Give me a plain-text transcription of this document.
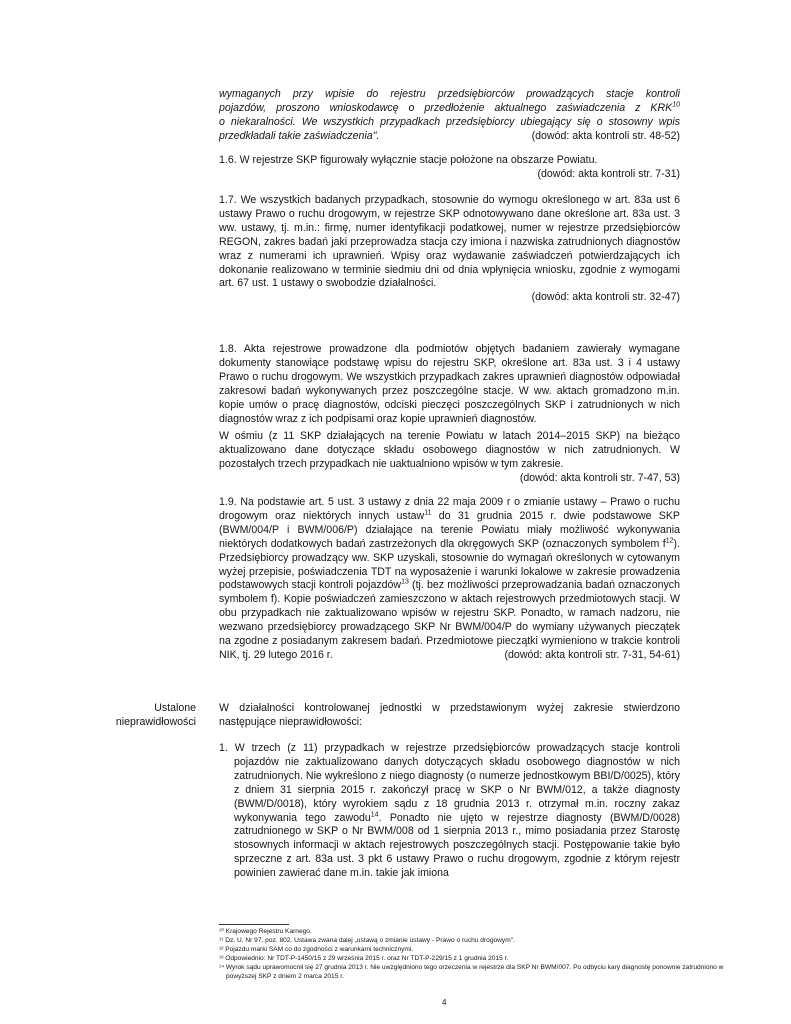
wymaganych przy wpisie do rejestru przedsiębiorców prowadzących stacje kontroli

pojazdów, proszono wnioskodawcę o przedłożenie aktualnego zaświadczenia z KRK$^{10}$

o niekaralności. We wszystkich przypadkach przedsiębiorcy ubiegający się o stosowny wpis

przedkładali takie zaświadczenia".	(dowód: akta kontroli str. 48-52)

1.6. W rejestrze SKP figurowały wyłącznie stacje położone na obszarze Powiatu.

(dowód: akta kontroli str. 7-31)

1.7. We wszystkich badanych przypadkach, stosownie do wymogu określonego w art. 83a ust 6 ustawy Prawo o ruchu drogowym, w rejestrze SKP odnotowywano dane określone art. 83a ust. 3 ww. ustawy, tj. m.in.: firmę, numer identyfikacji podatkowej, numer w rejestrze przedsiębiorców REGON, zakres badań jaki przeprowadza stacja czy imiona i nazwiska zatrudnionych diagnostów wraz z numerami ich uprawnień. Wpisy oraz wydawanie zaświadczeń potwierdzających ich dokonanie realizowano w terminie siedmiu dni od dnia wpłynięcia wniosku, zgodnie z wymogami art. 67 ust. 1 ustawy o swobodzie działalności.

(dowód: akta kontroli str. 32-47)

1.8. Akta rejestrowe prowadzone dla podmiotów objętych badaniem zawierały wymagane dokumenty stanowiące podstawę wpisu do rejestru SKP, określone art. 83a ust. 3 i 4 ustawy Prawo o ruchu drogowym. We wszystkich przypadkach zakres uprawnień diagnostów odpowiadał zakresowi badań wykonywanych przez poszczególne stacje. W ww. aktach gromadzono m.in. kopie umów o pracę diagnostów, odciski pieczęci poszczególnych SKP i zatrudnionych w nich diagnostów wraz z ich podpisami oraz kopie uprawnień diagnostów.

W ośmiu (z 11 SKP działających na terenie Powiatu w latach 2014–2015 SKP) na bieżąco aktualizowano dane dotyczące składu osobowego diagnostów w nich zatrudnionych. W pozostałych trzech przypadkach nie uaktualniono wpisów w tym zakresie.

(dowód: akta kontroli str. 7-47, 53)

1.9. Na podstawie art. 5 ust. 3 ustawy z dnia 22 maja 2009 r o zmianie ustawy – Prawo o ruchu drogowym oraz niektórych innych ustaw$^{11}$ do 31 grudnia 2015 r. dwie podstawowe SKP (BWM/004/P i BWM/006/P) działające na terenie Powiatu miały możliwość wykonywania niektórych dodatkowych badań zastrzeżonych dla okręgowych SKP (oznaczonych symbolem $f^{12}$). Przedsiębiorcy prowadzący ww. SKP uzyskali, stosownie do wymagań określonych w cytowanym wyżej przepisie, poświadczenia TDT na wyposażenie i warunki lokalowe w zakresie prowadzenia podstawowych stacji kontroli pojazdów$^{13}$ (tj. bez możliwości przeprowadzania badań oznaczonych symbolem f). Kopie poświadczeń zamieszczono w aktach rejestrowych przedmiotowych stacji. W obu przypadkach nie zaktualizowano wpisów w rejestru SKP. Ponadto, w ramach nadzoru, nie wezwano przedsiębiorcy prowadzącego SKP Nr BWM/004/P do wymiany używanych pieczątek na zgodne z posiadanym zakresem badań. Przedmiotowe pieczątki wymieniono w trakcie kontroli NIK, tj. 29 lutego 2016 r.	(dowód: akta kontroli str. 7-31, 54-61)

Ustalone
nieprawidłowości

W działalności kontrolowanej jednostki w przedstawionym wyżej zakresie stwierdzono następujące nieprawidłowości:

1. W trzech (z 11) przypadkach w rejestrze przedsiębiorców prowadzących stacje kontroli pojazdów nie zaktualizowano danych dotyczących składu osobowego diagnostów w nich zatrudnionych. Nie wykreślono z niego diagnosty (o numerze jednostkowym BBI/D/0025), który z dniem 31 sierpnia 2015 r. zakończył pracę w SKP o Nr BWM/012, a także diagnosty (BWM/D/0018), który wyrokiem sądu z 18 grudnia 2013 r. otrzymał m.in. roczny zakaz wykonywania tego zawodu$^{14}$. Ponadto nie ujęto w rejestrze diagnosty (BWM/D/0028) zatrudnionego w SKP o Nr BWM/008 od 1 sierpnia 2013 r., mimo posiadania przez Starostę stosownych informacji w aktach rejestrowych poszczególnych stacji. Postępowanie takie było sprzeczne z art. 83a ust. 3 pkt 6 ustawy Prawo o ruchu drogowym, zgodnie z którym rejestr powinien zawierać dane m.in. takie jak imiona

¹⁰ Krajowego Rejestru Karnego.

¹¹ Dz. U. Nr 97, poz. 802. Ustawa zwana dalej „ustawą o zmianie ustawy - Prawo o ruchu drogowym".

¹² Pojazdu marki SAM co do zgodności z warunkami technicznymi.

¹³ Odpowiednio: Nr TDT-P-1450/15 z 29 września 2015 r. oraz Nr TDT-P-229/15 z 1 grudnia 2015 r.

¹⁴ Wyrok sądu uprawomocnił się 27 grudnia 2013 r. Nie uwzględniono tego orzeczenia w rejestrze dla SKP Nr BWM/007. Po odbyciu kary diagnostę ponownie zatrudniono w powyższej SKP z dniem 2 marca 2015 r.

4
